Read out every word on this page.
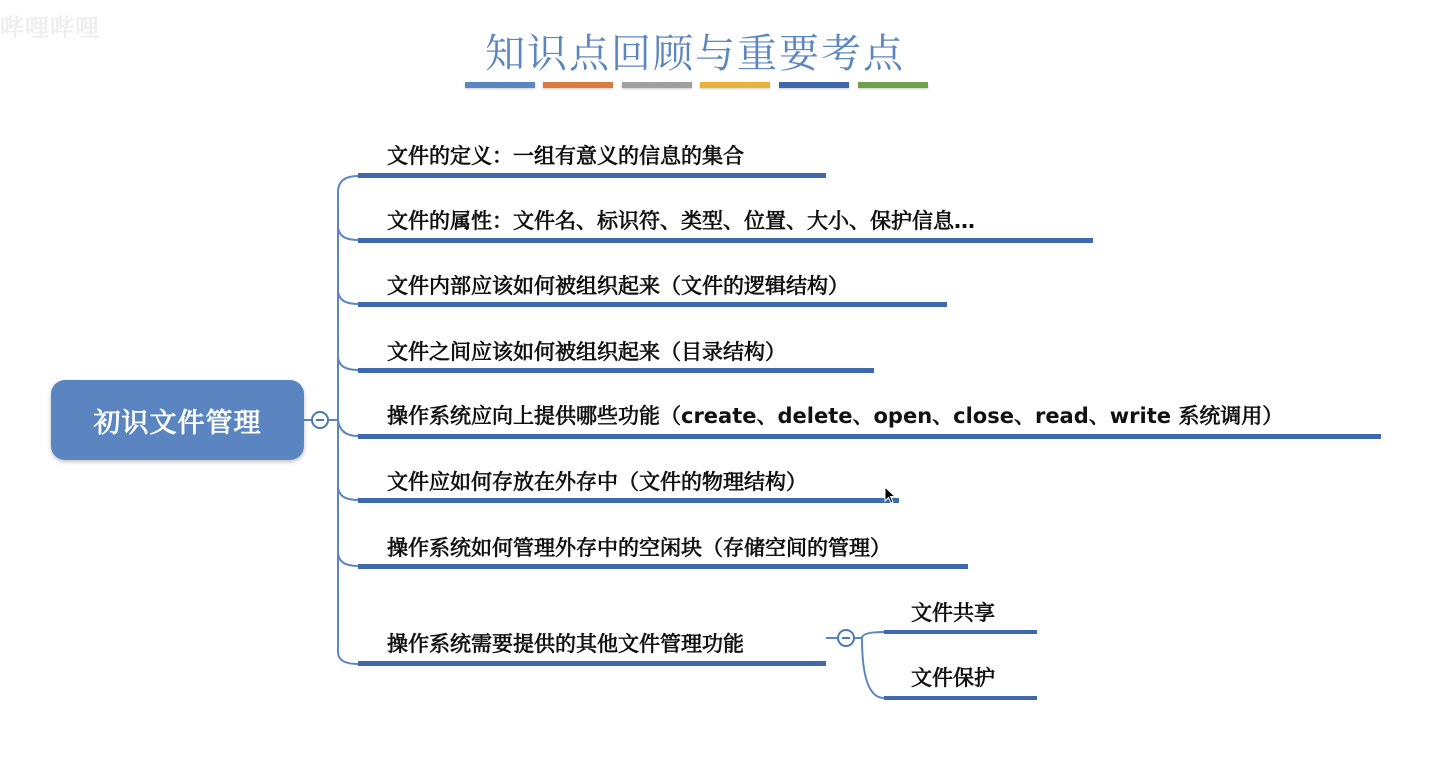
哔哩哔哩
知识点回顾与重要考点
初识文件管理
文件的定义：一组有意义的信息的集合
文件的属性：文件名、标识符、类型、位置、大小、保护信息…
文件内部应该如何被组织起来（文件的逻辑结构）
文件之间应该如何被组织起来（目录结构）
操作系统应向上提供哪些功能（create、delete、open、close、read、write 系统调用）
文件应如何存放在外存中（文件的物理结构）
操作系统如何管理外存中的空闲块（存储空间的管理）
操作系统需要提供的其他文件管理功能
文件共享
文件保护
